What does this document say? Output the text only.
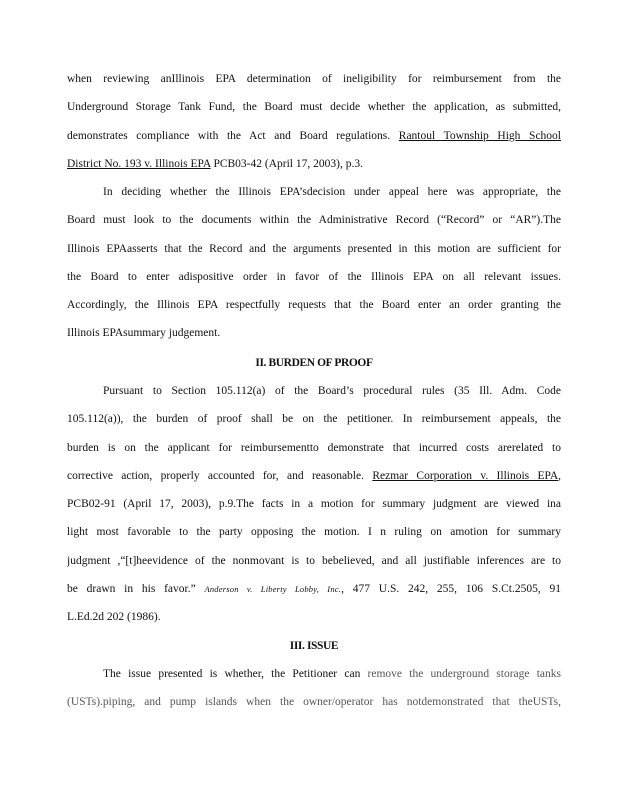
when reviewing anIllinois EPA determination of ineligibility for reimbursement from the
Underground Storage Tank Fund, the Board must decide whether the application, as submitted,
demonstrates compliance with the Act and Board regulations. Rantoul Township High School
District No. 193 v. Illinois EPA PCB03-42 (April 17, 2003), p.3.
In deciding whether the Illinois EPA’sdecision under appeal here was appropriate, the
Board must look to the documents within the Administrative Record (“Record” or “AR”).The
Illinois EPAasserts that the Record and the arguments presented in this motion are sufficient for
the Board to enter adispositive order in favor of the Illinois EPA on all relevant issues.
Accordingly, the Illinois EPA respectfully requests that the Board enter an order granting the
Illinois EPAsummary judgement.
II. BURDEN OF PROOF
Pursuant to Section 105.112(a) of the Board’s procedural rules (35 Ill. Adm. Code
105.112(a)), the burden of proof shall be on the petitioner. In reimbursement appeals, the
burden is on the applicant for reimbursementto demonstrate that incurred costs arerelated to
corrective action, properly accounted for, and reasonable. Rezmar Corporation v. Illinois EPA,
PCB02-91 (April 17, 2003), p.9.The facts in a motion for summary judgment are viewed ina
light most favorable to the party opposing the motion. I n ruling on amotion for summary
judgment ,“[t]heevidence of the nonmovant is to bebelieved, and all justifiable inferences are to
be drawn in his favor.” Anderson v. Liberty Lobby, Inc., 477 U.S. 242, 255, 106 S.Ct.2505, 91
L.Ed.2d 202 (1986).
III. ISSUE
The issue presented is whether, the Petitioner can remove the underground storage tanks
(USTs).piping, and pump islands when the owner/operator has notdemonstrated that theUSTs,
